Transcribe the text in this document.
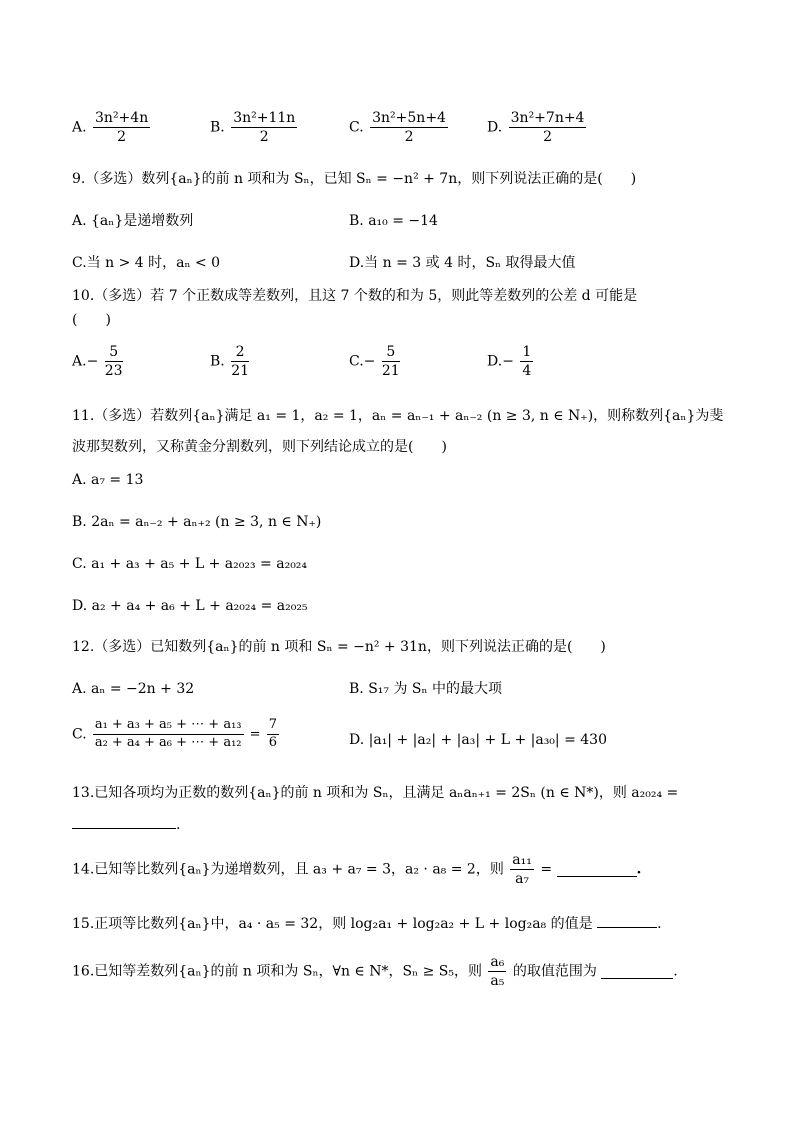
A. $\frac{\text{3n²+4n}}{2}$	B. $\frac{\text{3n²+11n}}{2}$	C. $\frac{\text{3n²+5n+4}}{2}$	D. $\frac{\text{3n²+7n+4}}{2}$
9.（多选）数列{aₙ}的前 n 项和为 Sₙ，已知 Sₙ = −n² + 7n，则下列说法正确的是(　　)
A. {aₙ}是递增数列	B. a₁₀ = −14
C.当 n > 4 时，aₙ < 0	D.当 n = 3 或 4 时，Sₙ 取得最大值
10.（多选）若 7 个正数成等差数列，且这 7 个数的和为 5，则此等差数列的公差 d 可能是
(　　)
$A.- \frac{5}{23}$	B. $\frac{2}{21}$	$C.- \frac{5}{21}$	$D.- \frac{1}{4}$
11.（多选）若数列{aₙ}满足 a₁ = 1，a₂ = 1，aₙ = aₙ₋₁ + aₙ₋₂ (n ≥ 3, n ∈ N₊)，则称数列{aₙ}为斐
波那契数列，又称黄金分割数列，则下列结论成立的是(　　)
A. a₇ = 13
B. 2aₙ = aₙ₋₂ + aₙ₊₂ (n ≥ 3, n ∈ N₊)
C. a₁ + a₃ + a₅ + L + a₂₀₂₃ = a₂₀₂₄
D. a₂ + a₄ + a₆ + L + a₂₀₂₄ = a₂₀₂₅
12.（多选）已知数列{aₙ}的前 n 项和 Sₙ = −n² + 31n，则下列说法正确的是(　　)
A. aₙ = −2n + 32	B. S₁₇ 为 Sₙ 中的最大项
C. $\frac{\text{a₁ + a₃ + a₅ + ⋯ + a₁₃}}{\text{a₂ + a₄ + a₆ + ⋯ + a₁₂}} = \frac{7}{6}$	D. |a₁| + |a₂| + |a₃| + L + |a₃₀| = 430
13.已知各项均为正数的数列{aₙ}的前 n 项和为 Sₙ，且满足 aₙaₙ₊₁ = 2Sₙ (n ∈ N*)，则 a₂₀₂₄ =
.
14.已知等比数列{aₙ}为递增数列，且 a₃ + a₇ = 3，a₂ · a₈ = 2，则 $\frac{\text{a₁₁}}{\text{a₇}}$ =	.
15.正项等比数列{aₙ}中，a₄ · a₅ = 32，则 log₂a₁ + log₂a₂ + L + log₂a₈ 的值是	.
16.已知等差数列{aₙ}的前 n 项和为 Sₙ，∀n ∈ N*，Sₙ ≥ S₅，则 $\frac{\text{a₆}}{\text{a₅}}$ 的取值范围为	.
